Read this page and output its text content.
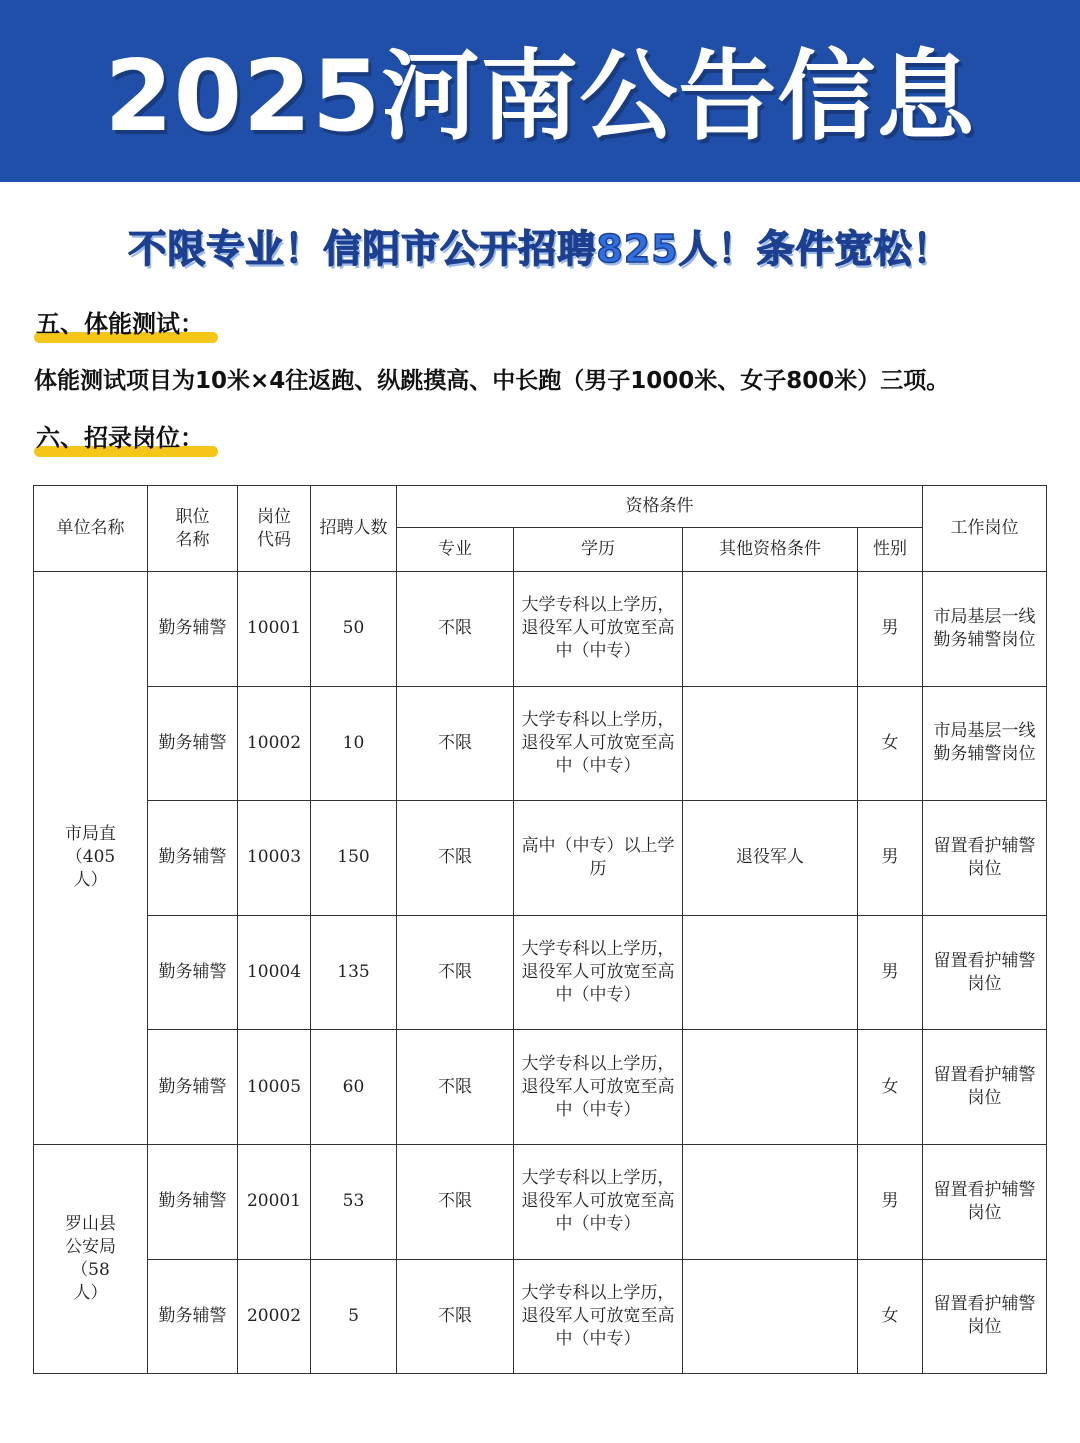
2025河南公告信息
不限专业！信阳市公开招聘825人！条件宽松！
五、体能测试：
体能测试项目为10米×4往返跑、纵跳摸高、中长跑（男子1000米、女子800米）三项。
六、招录岗位：
单位名称	职位名称	岗位代码	招聘人数	资格条件				工作岗位
				专业	学历	其他资格条件	性别	
市局直（405人）	勤务辅警	10001	50	不限	大学专科以上学历，退役军人可放宽至高中（中专）		男	市局基层一线勤务辅警岗位
	勤务辅警	10002	10	不限	大学专科以上学历，退役军人可放宽至高中（中专）		女	市局基层一线勤务辅警岗位
	勤务辅警	10003	150	不限	高中（中专）以上学历	退役军人	男	留置看护辅警岗位
	勤务辅警	10004	135	不限	大学专科以上学历，退役军人可放宽至高中（中专）		男	留置看护辅警岗位
	勤务辅警	10005	60	不限	大学专科以上学历，退役军人可放宽至高中（中专）		女	留置看护辅警岗位
罗山县公安局（58人）	勤务辅警	20001	53	不限	大学专科以上学历，退役军人可放宽至高中（中专）		男	留置看护辅警岗位
	勤务辅警	20002	5	不限	大学专科以上学历，退役军人可放宽至高中（中专）		女	留置看护辅警岗位
